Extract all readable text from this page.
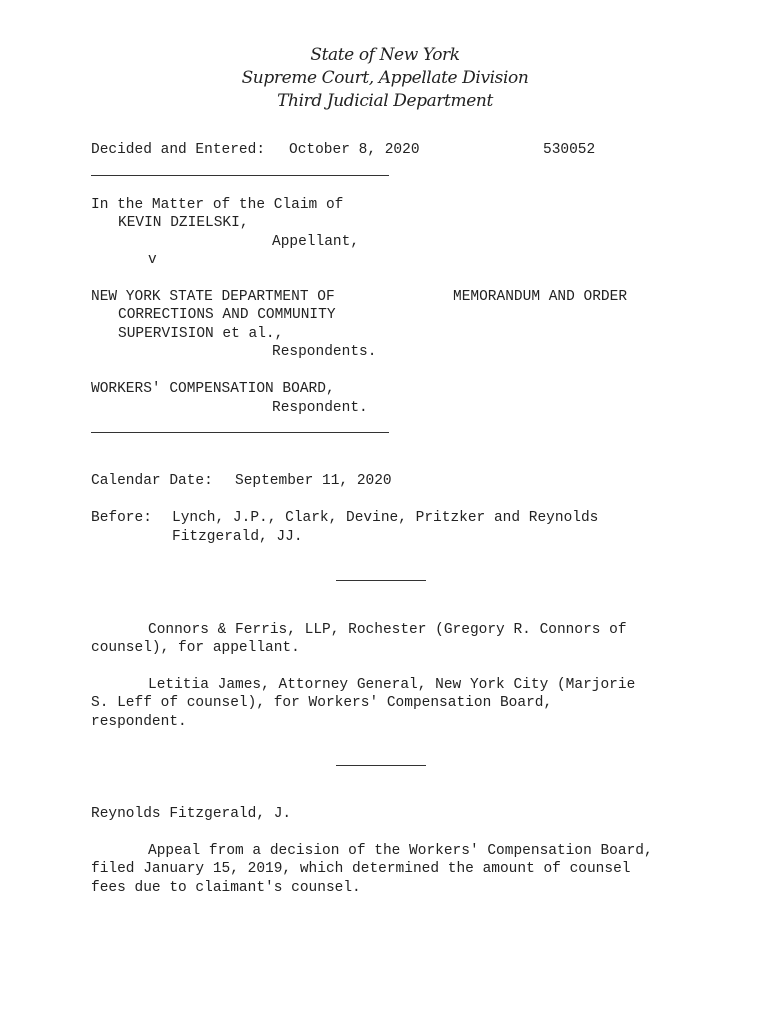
State of New York
Supreme Court, Appellate Division
Third Judicial Department

Decided and Entered: October 8, 2020	530052

In the Matter of the Claim of

KEVIN DZIELSKI,

Appellant,

v

NEW YORK STATE DEPARTMENT OF	MEMORANDUM AND ORDER

CORRECTIONS AND COMMUNITY

SUPERVISION et al.,

Respondents.

WORKERS' COMPENSATION BOARD,

Respondent.

Calendar Date: September 11, 2020

Before: Lynch, J.P., Clark, Devine, Pritzker and Reynolds

Fitzgerald, JJ.

Connors & Ferris, LLP, Rochester (Gregory R. Connors of

counsel), for appellant.

Letitia James, Attorney General, New York City (Marjorie

S. Leff of counsel), for Workers' Compensation Board,

respondent.

Reynolds Fitzgerald, J.

Appeal from a decision of the Workers' Compensation Board,

filed January 15, 2019, which determined the amount of counsel

fees due to claimant's counsel.
